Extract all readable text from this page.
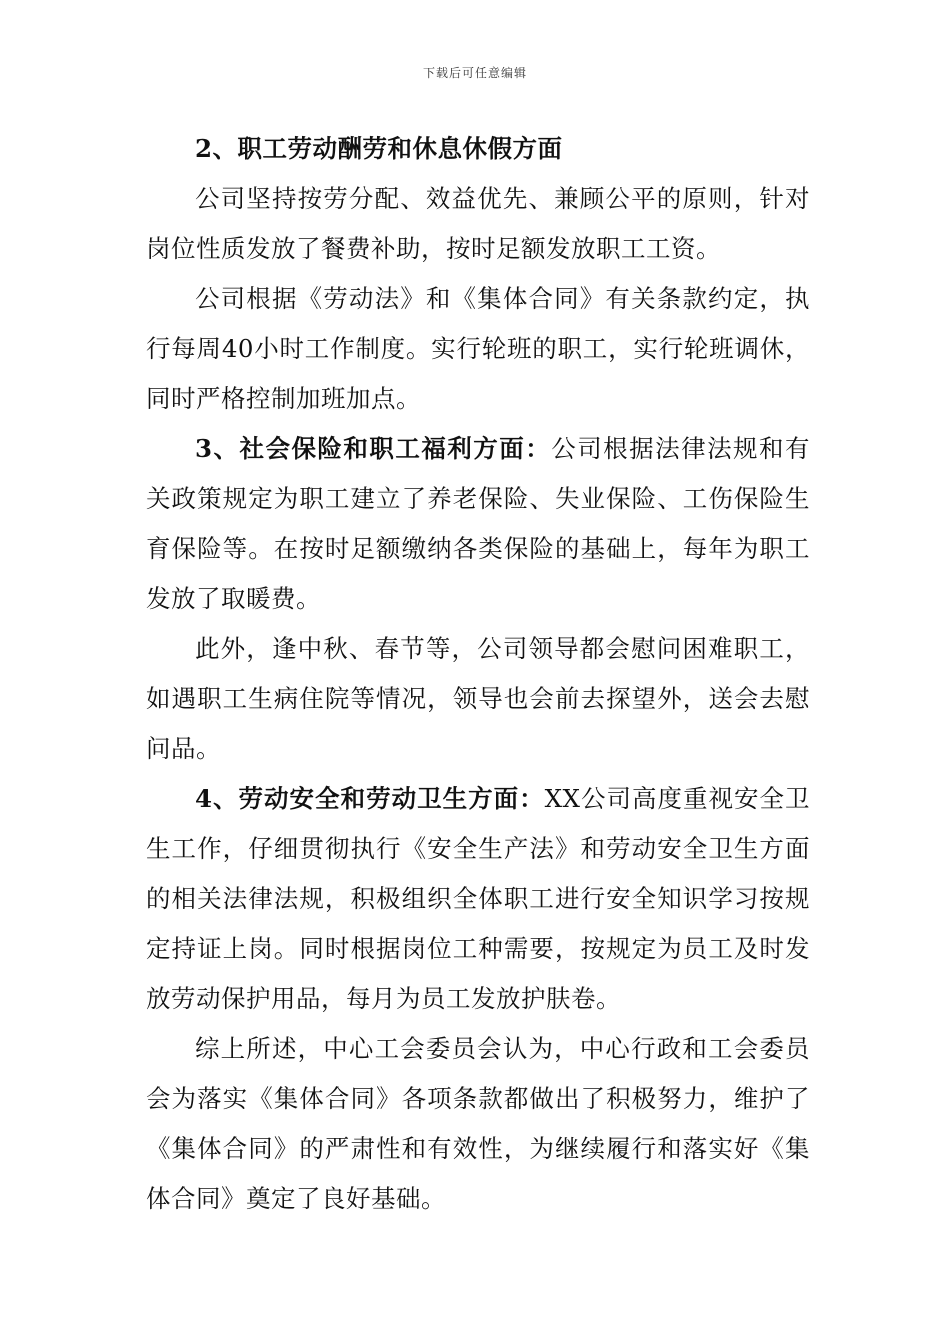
下载后可任意编辑

2、职工劳动酬劳和休息休假方面

公司坚持按劳分配、效益优先、兼顾公平的原则，针对岗位性质发放了餐费补助，按时足额发放职工工资。

公司根据《劳动法》和《集体合同》有关条款约定，执行每周40小时工作制度。实行轮班的职工，实行轮班调休，同时严格控制加班加点。

3、社会保险和职工福利方面：公司根据法律法规和有关政策规定为职工建立了养老保险、失业保险、工伤保险生育保险等。在按时足额缴纳各类保险的基础上，每年为职工发放了取暖费。

此外，逢中秋、春节等，公司领导都会慰问困难职工，如遇职工生病住院等情况，领导也会前去探望外，送会去慰问品。

4、劳动安全和劳动卫生方面：XX公司高度重视安全卫生工作，仔细贯彻执行《安全生产法》和劳动安全卫生方面的相关法律法规，积极组织全体职工进行安全知识学习按规定持证上岗。同时根据岗位工种需要，按规定为员工及时发放劳动保护用品，每月为员工发放护肤卷。

综上所述，中心工会委员会认为，中心行政和工会委员会为落实《集体合同》各项条款都做出了积极努力，维护了《集体合同》的严肃性和有效性，为继续履行和落实好《集体合同》奠定了良好基础。
